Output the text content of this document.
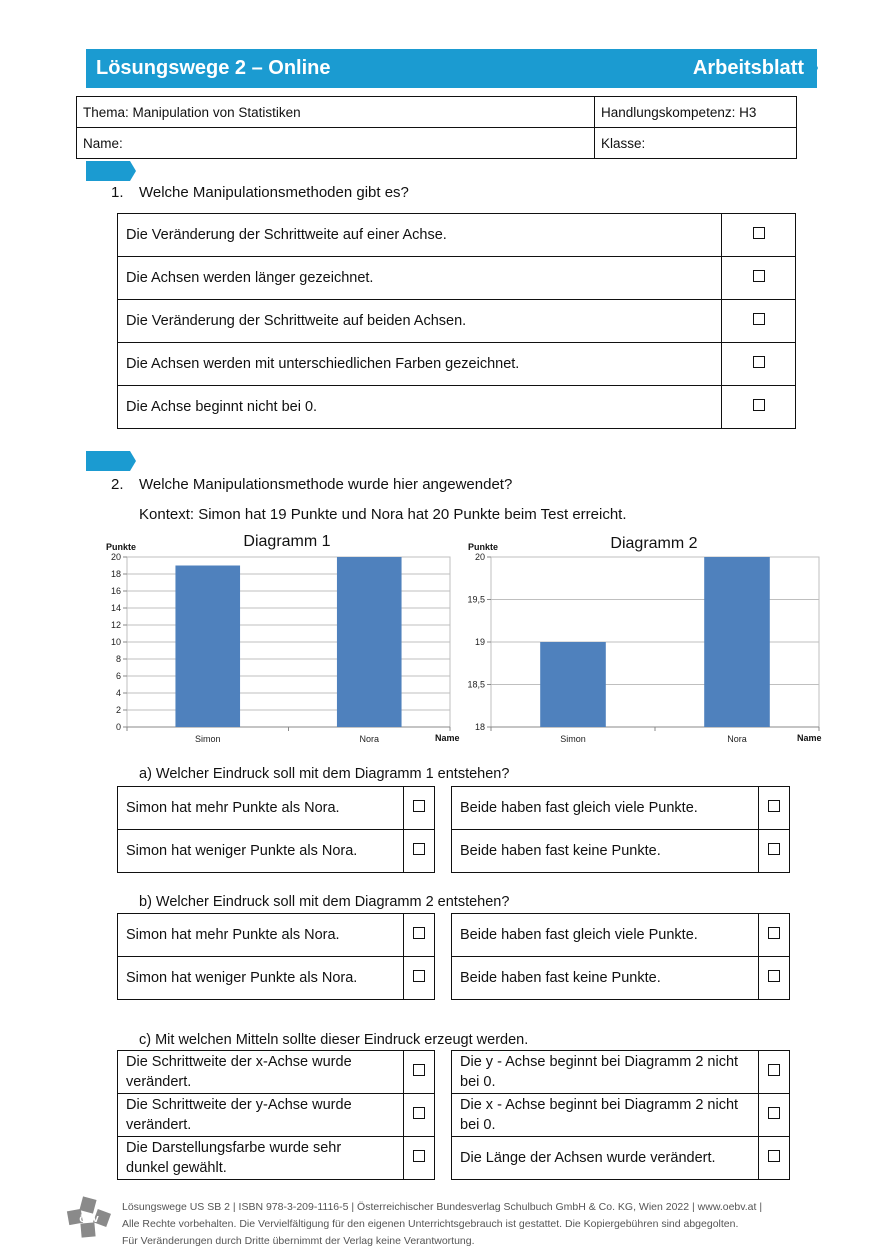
Lösungswege 2 – Online	Arbeitsblatt
Thema: Manipulation von Statistiken	Handlungskompetenz: H3
Name:	Klasse:
1. Welche Manipulationsmethoden gibt es?
Die Veränderung der Schrittweite auf einer Achse.	
Die Achsen werden länger gezeichnet.	
Die Veränderung der Schrittweite auf beiden Achsen.	
Die Achsen werden mit unterschiedlichen Farben gezeichnet.	
Die Achse beginnt nicht bei 0.	
2. Welche Manipulationsmethode wurde hier angewendet?
Kontext: Simon hat 19 Punkte und Nora hat 20 Punkte beim Test erreicht.
0
2
4
6
8
10
12
14
16
18
20
Simon	Nora
Diagramm 1
Punkte
Name
18
18,5
19
19,5
20
Simon	Nora
Diagramm 2
Punkte
Name
a) Welcher Eindruck soll mit dem Diagramm 1 entstehen?
Simon hat mehr Punkte als Nora.	
Simon hat weniger Punkte als Nora.	
Beide haben fast gleich viele Punkte.	
Beide haben fast keine Punkte.	
b) Welcher Eindruck soll mit dem Diagramm 2 entstehen?
Simon hat mehr Punkte als Nora.	
Simon hat weniger Punkte als Nora.	
Beide haben fast gleich viele Punkte.	
Beide haben fast keine Punkte.	
c) Mit welchen Mitteln sollte dieser Eindruck erzeugt werden.
Die Schrittweite der x-Achse wurde
verändert.	
Die Schrittweite der y-Achse wurde
verändert.	
Die Darstellungsfarbe wurde sehr
dunkel gewählt.	
Die y - Achse beginnt bei Diagramm 2 nicht
bei 0.	
Die x - Achse beginnt bei Diagramm 2 nicht
bei 0.	
Die Länge der Achsen wurde verändert.	
öbv
Lösungswege US SB 2 | ISBN 978-3-209-1116-5 | Österreichischer Bundesverlag Schulbuch GmbH & Co. KG, Wien 2022 | www.oebv.at |
Alle Rechte vorbehalten. Die Vervielfältigung für den eigenen Unterrichtsgebrauch ist gestattet. Die Kopiergebühren sind abgegolten.
Für Veränderungen durch Dritte übernimmt der Verlag keine Verantwortung.
